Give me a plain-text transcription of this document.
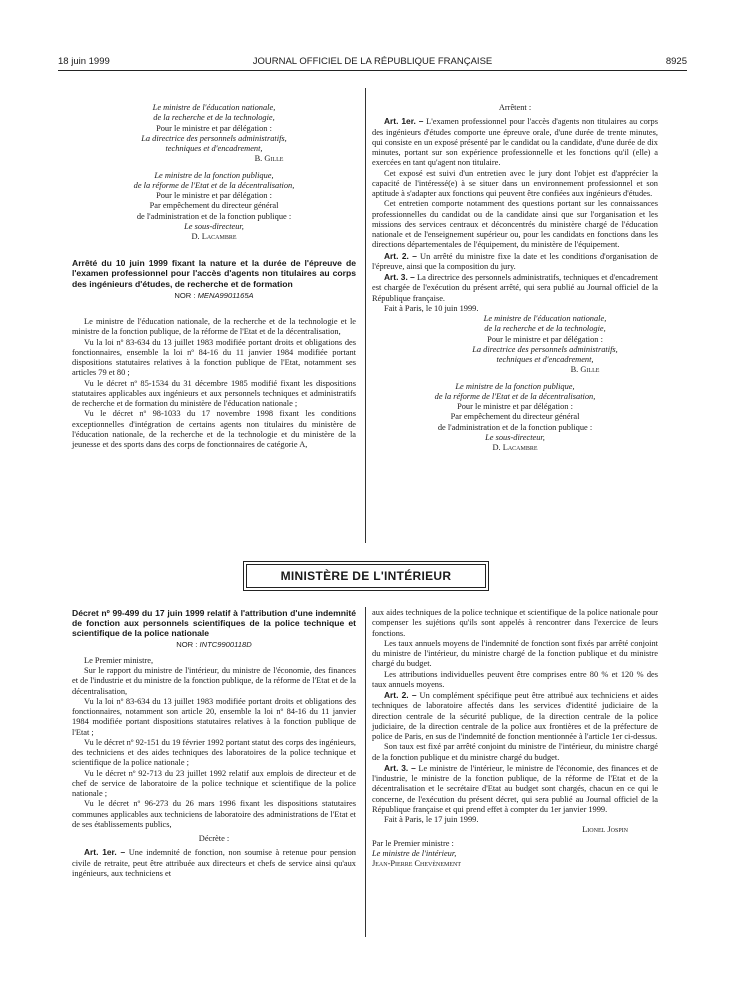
18 juin 1999	JOURNAL OFFICIEL DE LA RÉPUBLIQUE FRANÇAISE	8925
Le ministre de l'éducation nationale,
de la recherche et de la technologie,
Pour le ministre et par délégation :
La directrice des personnels administratifs,
techniques et d'encadrement,
B. Gille
Le ministre de la fonction publique,
de la réforme de l'Etat et de la décentralisation,
Pour le ministre et par délégation :
Par empêchement du directeur général
de l'administration et de la fonction publique :
Le sous-directeur,
D. Lacambre

Arrêté du 10 juin 1999 fixant la nature et la durée de l'épreuve de l'examen professionnel pour l'accès d'agents non titulaires au corps des ingénieurs d'études, de recherche et de formation

NOR : MENA9901165A

Le ministre de l'éducation nationale, de la recherche et de la technologie et le ministre de la fonction publique, de la réforme de l'Etat et de la décentralisation,

Vu la loi nº 83-634 du 13 juillet 1983 modifiée portant droits et obligations des fonctionnaires, ensemble la loi nº 84-16 du 11 janvier 1984 modifiée portant dispositions statutaires relatives à la fonction publique de l'Etat, notamment ses articles 79 et 80 ;

Vu le décret nº 85-1534 du 31 décembre 1985 modifié fixant les dispositions statutaires applicables aux ingénieurs et aux personnels techniques et administratifs de recherche et de formation du ministère de l'éducation nationale ;

Vu le décret nº 98-1033 du 17 novembre 1998 fixant les conditions exceptionnelles d'intégration de certains agents non titulaires du ministère de l'éducation nationale, de la recherche et de la technologie et du ministère de la jeunesse et des sports dans des corps de fonctionnaires de catégorie A,

Arrêtent :

Art. 1er. – L'examen professionnel pour l'accès d'agents non titulaires au corps des ingénieurs d'études comporte une épreuve orale, d'une durée de trente minutes, qui consiste en un exposé présenté par le candidat ou la candidate, d'une durée de dix minutes, portant sur son expérience professionnelle et les fonctions qu'il (elle) a exercées en tant qu'agent non titulaire.

Cet exposé est suivi d'un entretien avec le jury dont l'objet est d'apprécier la capacité de l'intéressé(e) à se situer dans un environnement professionnel et son aptitude à s'adapter aux fonctions qui peuvent être confiées aux ingénieurs d'études.

Cet entretien comporte notamment des questions portant sur les connaissances professionnelles du candidat ou de la candidate ainsi que sur l'organisation et les missions des services centraux et déconcentrés du ministère chargé de l'éducation nationale et de l'enseignement supérieur ou, pour les candidats en fonctions dans les directions départementales de l'équipement, du ministère de l'équipement.

Art. 2. – Un arrêté du ministre fixe la date et les conditions d'organisation de l'épreuve, ainsi que la composition du jury.

Art. 3. – La directrice des personnels administratifs, techniques et d'encadrement est chargée de l'exécution du présent arrêté, qui sera publié au Journal officiel de la République française.

Fait à Paris, le 10 juin 1999.

Le ministre de l'éducation nationale,
de la recherche et de la technologie,
Pour le ministre et par délégation :
La directrice des personnels administratifs,
techniques et d'encadrement,
B. Gille
Le ministre de la fonction publique,
de la réforme de l'Etat et de la décentralisation,
Pour le ministre et par délégation :
Par empêchement du directeur général
de l'administration et de la fonction publique :
Le sous-directeur,
D. Lacambre
MINISTÈRE DE L'INTÉRIEUR

Décret nº 99-499 du 17 juin 1999 relatif à l'attribution d'une indemnité de fonction aux personnels scientifiques de la police technique et scientifique de la police nationale

NOR : INTC9900118D

Le Premier ministre,

Sur le rapport du ministre de l'intérieur, du ministre de l'économie, des finances et de l'industrie et du ministre de la fonction publique, de la réforme de l'Etat et de la décentralisation,

Vu la loi nº 83-634 du 13 juillet 1983 modifiée portant droits et obligations des fonctionnaires, notamment son article 20, ensemble la loi nº 84-16 du 11 janvier 1984 modifiée portant dispositions statutaires relatives à la fonction publique de l'Etat ;

Vu le décret nº 92-151 du 19 février 1992 portant statut des corps des ingénieurs, des techniciens et des aides techniques des laboratoires de la police technique et scientifique de la police nationale ;

Vu le décret nº 92-713 du 23 juillet 1992 relatif aux emplois de directeur et de chef de service de laboratoire de la police technique et scientifique de la police nationale ;

Vu le décret nº 96-273 du 26 mars 1996 fixant les dispositions statutaires communes applicables aux techniciens de laboratoire des administrations de l'Etat et de ses établissements publics,

Décrète :

Art. 1er. – Une indemnité de fonction, non soumise à retenue pour pension civile de retraite, peut être attribuée aux directeurs et chefs de service ainsi qu'aux ingénieurs, aux techniciens et

aux aides techniques de la police technique et scientifique de la police nationale pour compenser les sujétions qu'ils sont appelés à rencontrer dans l'exercice de leurs fonctions.

Les taux annuels moyens de l'indemnité de fonction sont fixés par arrêté conjoint du ministre de l'intérieur, du ministre chargé de la fonction publique et du ministre chargé du budget.

Les attributions individuelles peuvent être comprises entre 80 % et 120 % des taux annuels moyens.

Art. 2. – Un complément spécifique peut être attribué aux techniciens et aides techniques de laboratoire affectés dans les services d'identité judiciaire de la direction centrale de la sécurité publique, de la direction centrale de la police judiciaire, de la direction centrale de la police aux frontières et de la préfecture de police de Paris, en sus de l'indemnité de fonction mentionnée à l'article 1er ci-dessus.

Son taux est fixé par arrêté conjoint du ministre de l'intérieur, du ministre chargé de la fonction publique et du ministre chargé du budget.

Art. 3. – Le ministre de l'intérieur, le ministre de l'économie, des finances et de l'industrie, le ministre de la fonction publique, de la réforme de l'Etat et de la décentralisation et le secrétaire d'Etat au budget sont chargés, chacun en ce qui le concerne, de l'exécution du présent décret, qui sera publié au Journal officiel de la République française et qui prend effet à compter du 1er janvier 1999.

Fait à Paris, le 17 juin 1999.

Lionel Jospin
Par le Premier ministre :
Le ministre de l'intérieur,
Jean-Pierre Chevènement
